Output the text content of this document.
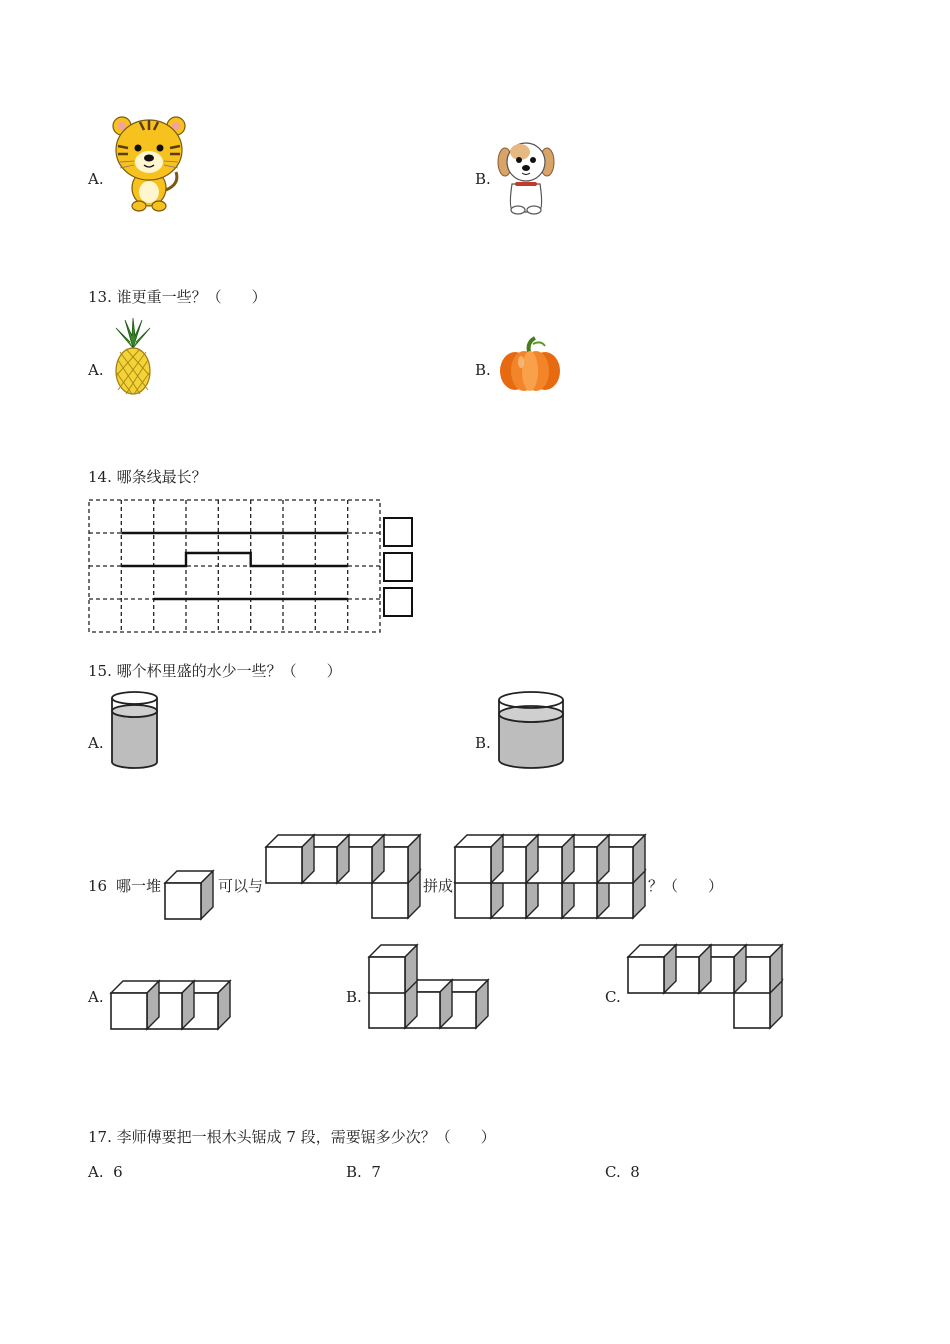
A.	B.
13. 谁更重一些？（　　）
A.	B.
14. 哪条线最长？
15. 哪个杯里盛的水少一些？（　　）
A.	B.
16 哪一堆	可以与	拼成	？（　　）
A.	B.	C.
17. 李师傅要把一根木头锯成 7 段，需要锯多少次？（　　）
A. 6	B. 7	C. 8
